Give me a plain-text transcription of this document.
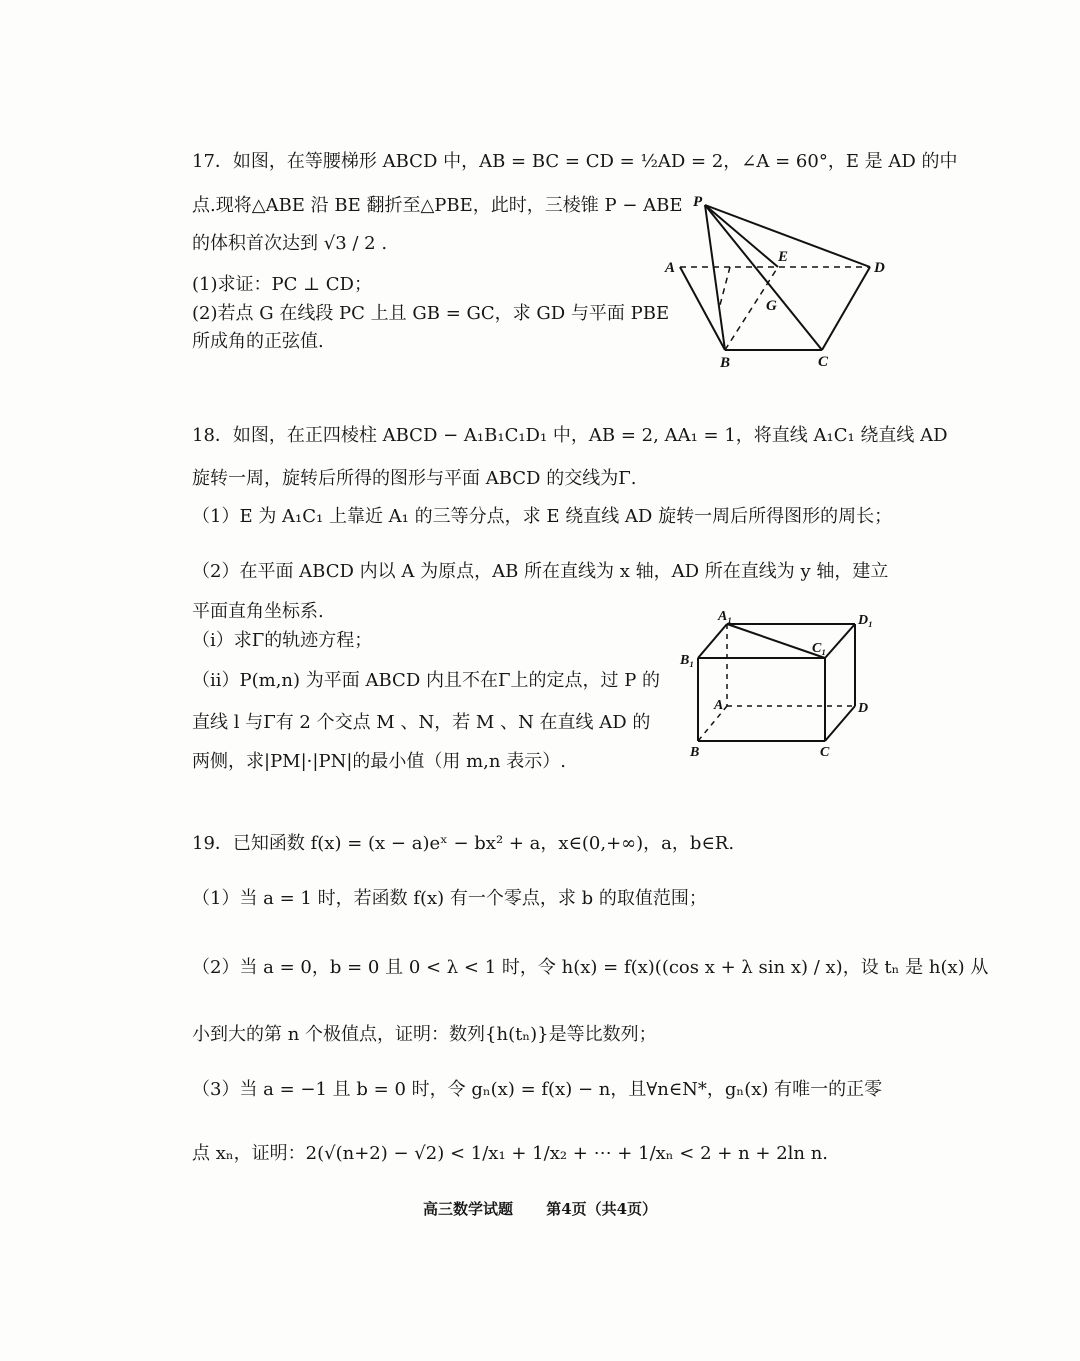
17．如图，在等腰梯形 ABCD 中，AB = BC = CD = ½AD = 2，∠A = 60°，E 是 AD 的中
点.现将△ABE 沿 BE 翻折至△PBE，此时，三棱锥 P − ABE
的体积首次达到 √3 / 2 .
(1)求证：PC ⊥ CD；
(2)若点 G 在线段 PC 上且 GB = GC，求 GD 与平面 PBE
所成角的正弦值.
P
A
E
D
G
B	C
18．如图，在正四棱柱 ABCD − A₁B₁C₁D₁ 中，AB = 2, AA₁ = 1，将直线 A₁C₁ 绕直线 AD
旋转一周，旋转后所得的图形与平面 ABCD 的交线为Γ.
（1）E 为 A₁C₁ 上靠近 A₁ 的三等分点，求 E 绕直线 AD 旋转一周后所得图形的周长；
（2）在平面 ABCD 内以 A 为原点，AB 所在直线为 x 轴，AD 所在直线为 y 轴，建立
平面直角坐标系.
（i）求Γ的轨迹方程；
（ii）P(m,n) 为平面 ABCD 内且不在Γ上的定点，过 P 的
直线 l 与Γ有 2 个交点 M 、N，若 M 、N 在直线 AD 的
两侧，求|PM|·|PN|的最小值（用 m,n 表示）.
A₁	D₁
B₁
C₁
A	D
B	C
19．已知函数 f(x) = (x − a)eˣ − bx² + a，x∈(0,+∞)，a，b∈R.
（1）当 a = 1 时，若函数 f(x) 有一个零点，求 b 的取值范围；
（2）当 a = 0，b = 0 且 0 < λ < 1 时，令 h(x) = f(x)((cos x + λ sin x) / x)，设 tₙ 是 h(x) 从
小到大的第 n 个极值点，证明：数列{h(tₙ)}是等比数列；
（3）当 a = −1 且 b = 0 时，令 gₙ(x) = f(x) − n，且∀n∈N*，gₙ(x) 有唯一的正零
点 xₙ，证明：2(√(n+2) − √2) < 1/x₁ + 1/x₂ + ⋯ + 1/xₙ < 2 + n + 2ln n.
高三数学试题 第4页（共4页）
